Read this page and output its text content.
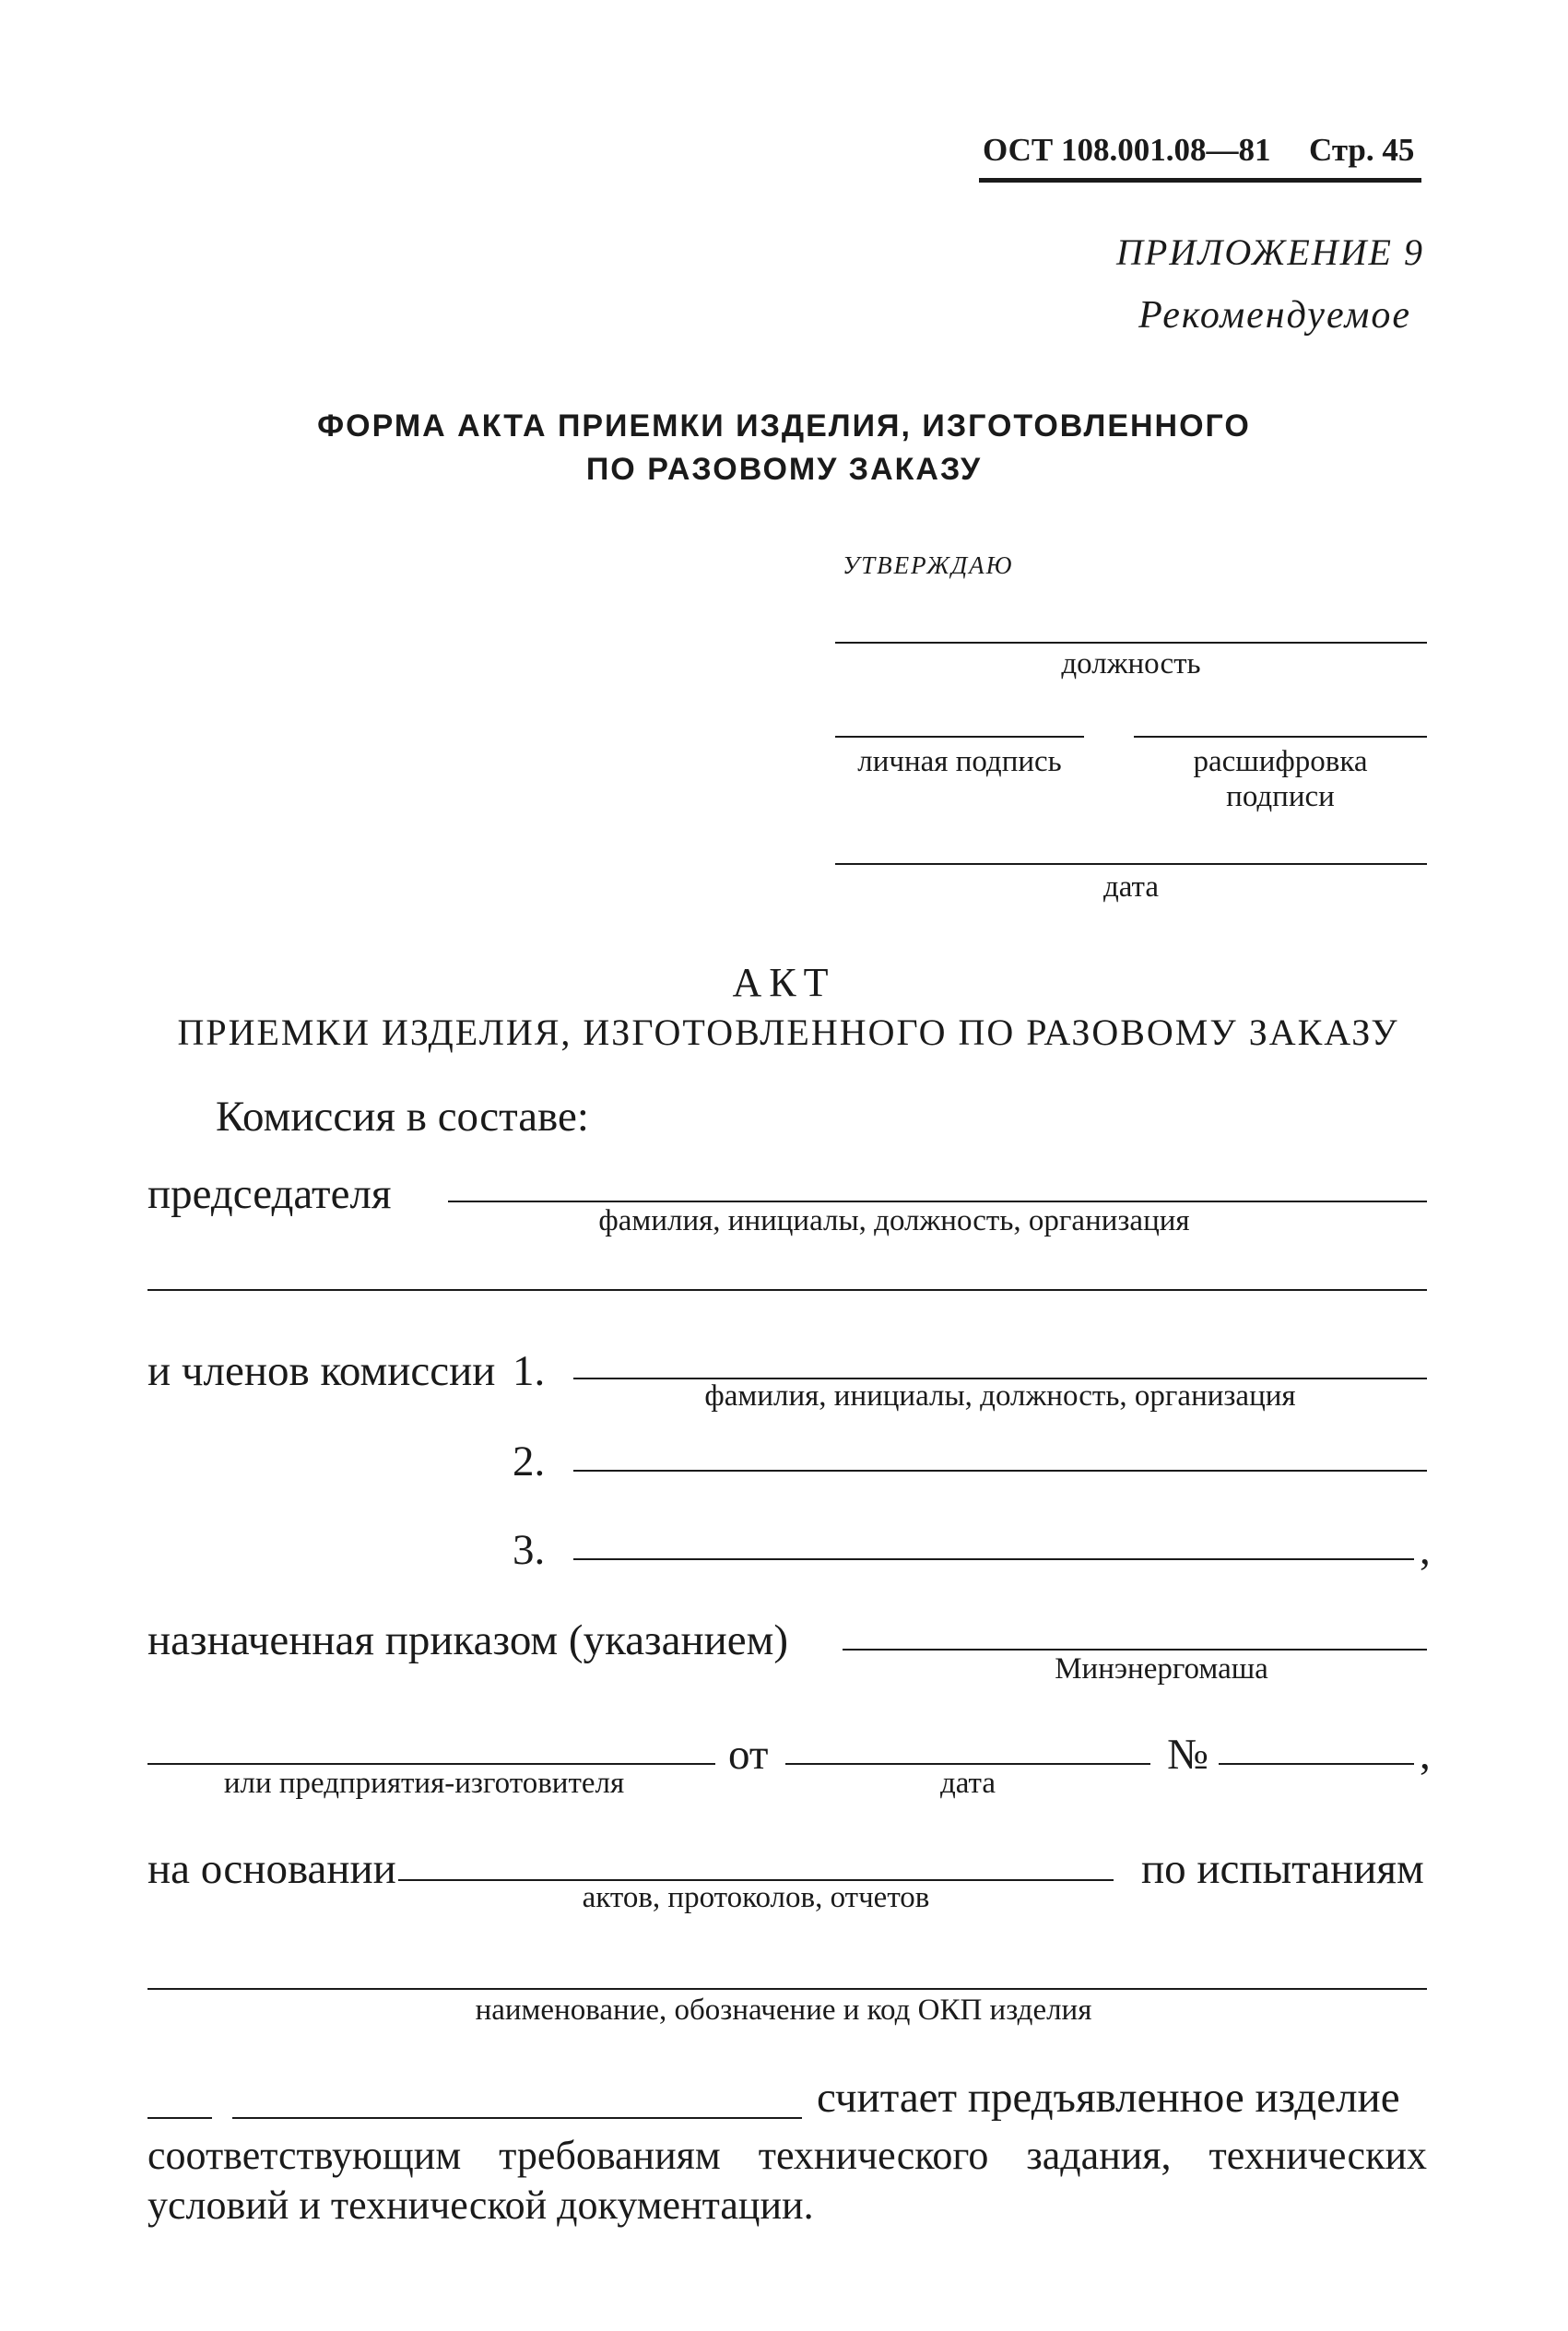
ОСТ 108.001.08—81 Стр. 45
ПРИЛОЖЕНИЕ 9
Рекомендуемое
ФОРМА АКТА ПРИЕМКИ ИЗДЕЛИЯ, ИЗГОТОВЛЕННОГО
ПО РАЗОВОМУ ЗАКАЗУ
УТВЕРЖДАЮ
должность
личная подпись	расшифровка
подписи
дата
АКТ
ПРИЕМКИ ИЗДЕЛИЯ, ИЗГОТОВЛЕННОГО ПО РАЗОВОМУ ЗАКАЗУ
Комиссия в составе:
председателя
фамилия, инициалы, должность, организация
и членов комиссии 1.
фамилия, инициалы, должность, организация
2.
3.	,
назначенная приказом (указанием)
Минэнергомаша
от	№	,
или предприятия-изготовителя	дата
на основании	по испытаниям
актов, протоколов, отчетов
наименование, обозначение и код ОКП изделия
считает предъявленное изделие
соответствующим требованиям технического задания, технических
условий и технической документации.
